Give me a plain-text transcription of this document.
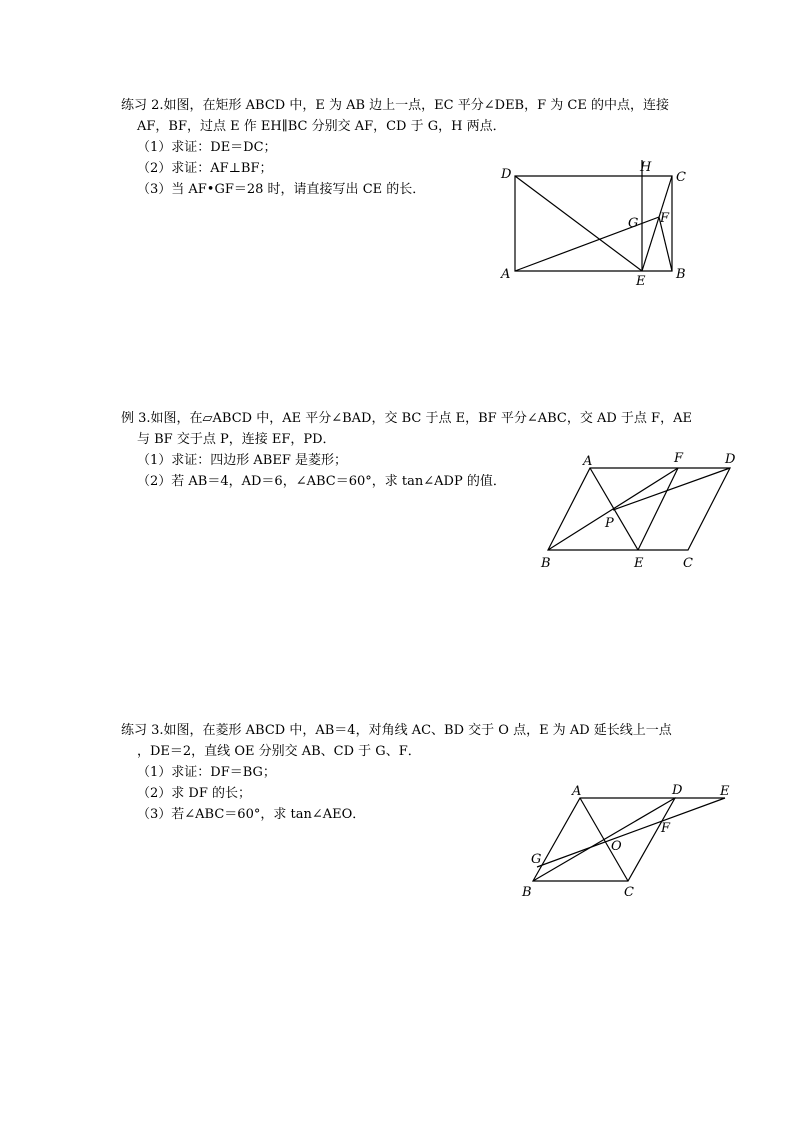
练习 2.如图，在矩形 ABCD 中，E 为 AB 边上一点，EC 平分∠DEB，F 为 CE 的中点，连接
AF，BF，过点 E 作 EH∥BC 分别交 AF，CD 于 G，H 两点．
（1）求证：DE＝DC；
（2）求证：AF⊥BF；
（3）当 AF•GF＝28 时，请直接写出 CE 的长．
D	H
C
G F
A	E B
例 3.如图，在▱ABCD 中，AE 平分∠BAD，交 BC 于点 E，BF 平分∠ABC，交 AD 于点 F，AE
与 BF 交于点 P，连接 EF，PD．
（1）求证：四边形 ABEF 是菱形；
（2）若 AB＝4，AD＝6，∠ABC＝60°，求 tan∠ADP 的值．
A	F	D
P
B	E	C
练习 3.如图，在菱形 ABCD 中，AB＝4，对角线 AC、BD 交于 O 点，E 为 AD 延长线上一点
，DE＝2，直线 OE 分别交 AB、CD 于 G、F．
（1）求证：DF＝BG；
（2）求 DF 的长；
（3）若∠ABC＝60°，求 tan∠AEO．
A	D	E
F
O
G
B	C
